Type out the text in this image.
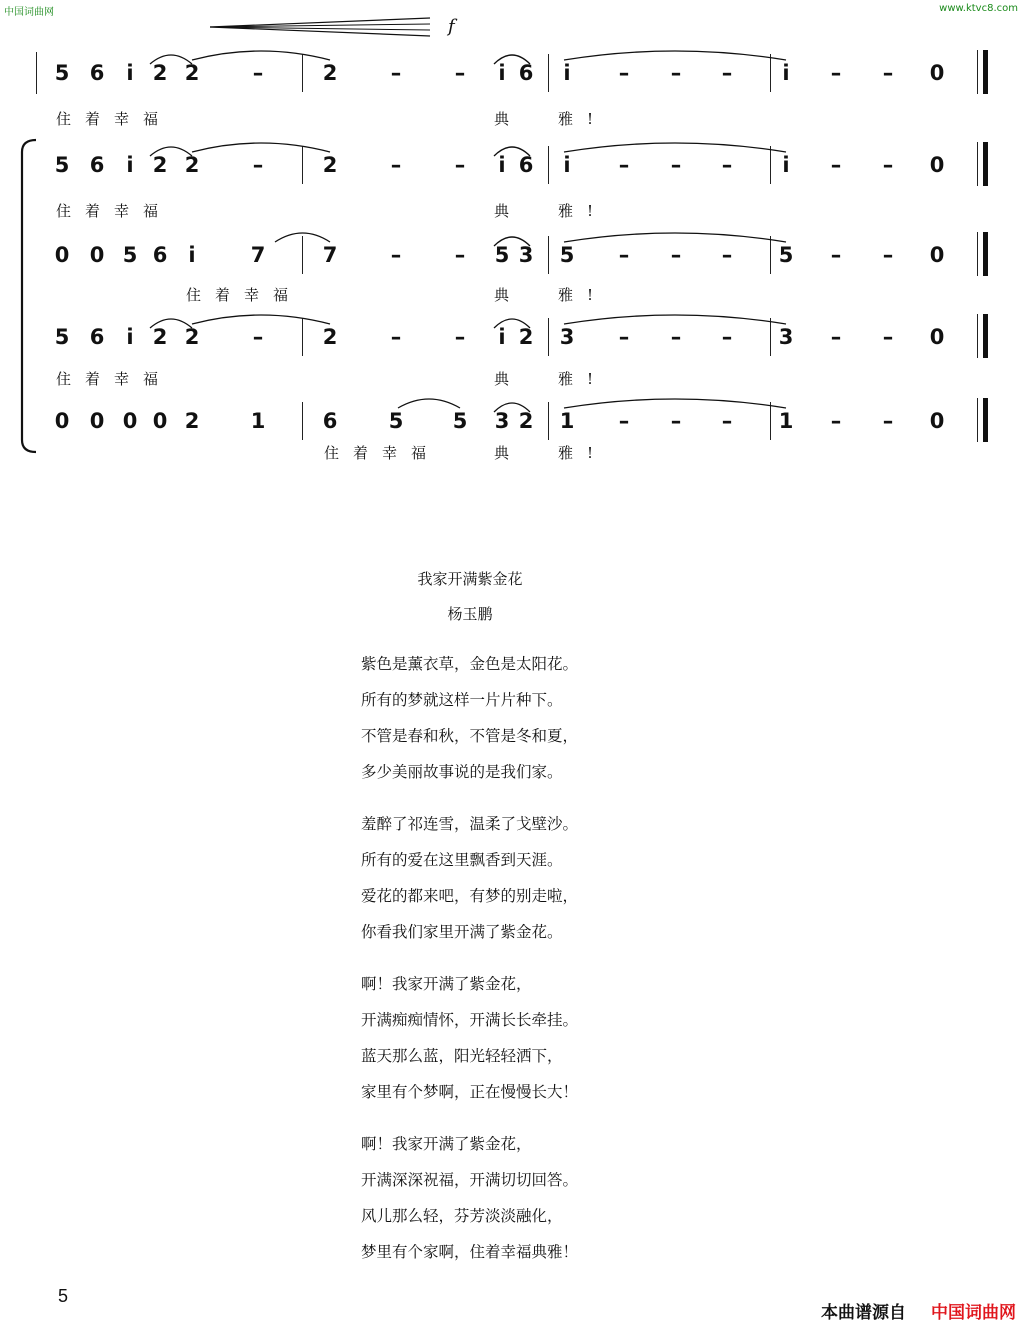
中国词曲网	www.ktvc8.com
f
5 6	i 2 2	–	2	–	–	i 6	i	– – –	i	– – 0
住着幸福	典 雅!
5 6	i 2 2	–	2	–	–	i 6	i	– – –	i	– – 0
住着幸福	典 雅!
0 0 5 6	i	7	7	–	– 5 3 5 – – – 5 – – 0
住着幸福	典 雅!
5 6	i 2 2	–	2	–	–	i 2 3 – – – 3 – – 0
住着幸福	典 雅!
0 0 0 0 2 1	6 5 5 3 2 1 – – – 1 – – 0
住着幸福	典 雅!
我家开满紫金花
杨玉鹏
紫色是薰衣草，金色是太阳花。
所有的梦就这样一片片种下。
不管是春和秋，不管是冬和夏，
多少美丽故事说的是我们家。
羞醉了祁连雪，温柔了戈壁沙。
所有的爱在这里飘香到天涯。
爱花的都来吧，有梦的别走啦，
你看我们家里开满了紫金花。
啊！我家开满了紫金花，
开满痴痴情怀，开满长长牵挂。
蓝天那么蓝，阳光轻轻洒下，
家里有个梦啊，正在慢慢长大！
啊！我家开满了紫金花，
开满深深祝福，开满切切回答。
风儿那么轻，芬芳淡淡融化，
梦里有个家啊，住着幸福典雅！
5
本曲谱源自 中国词曲网
